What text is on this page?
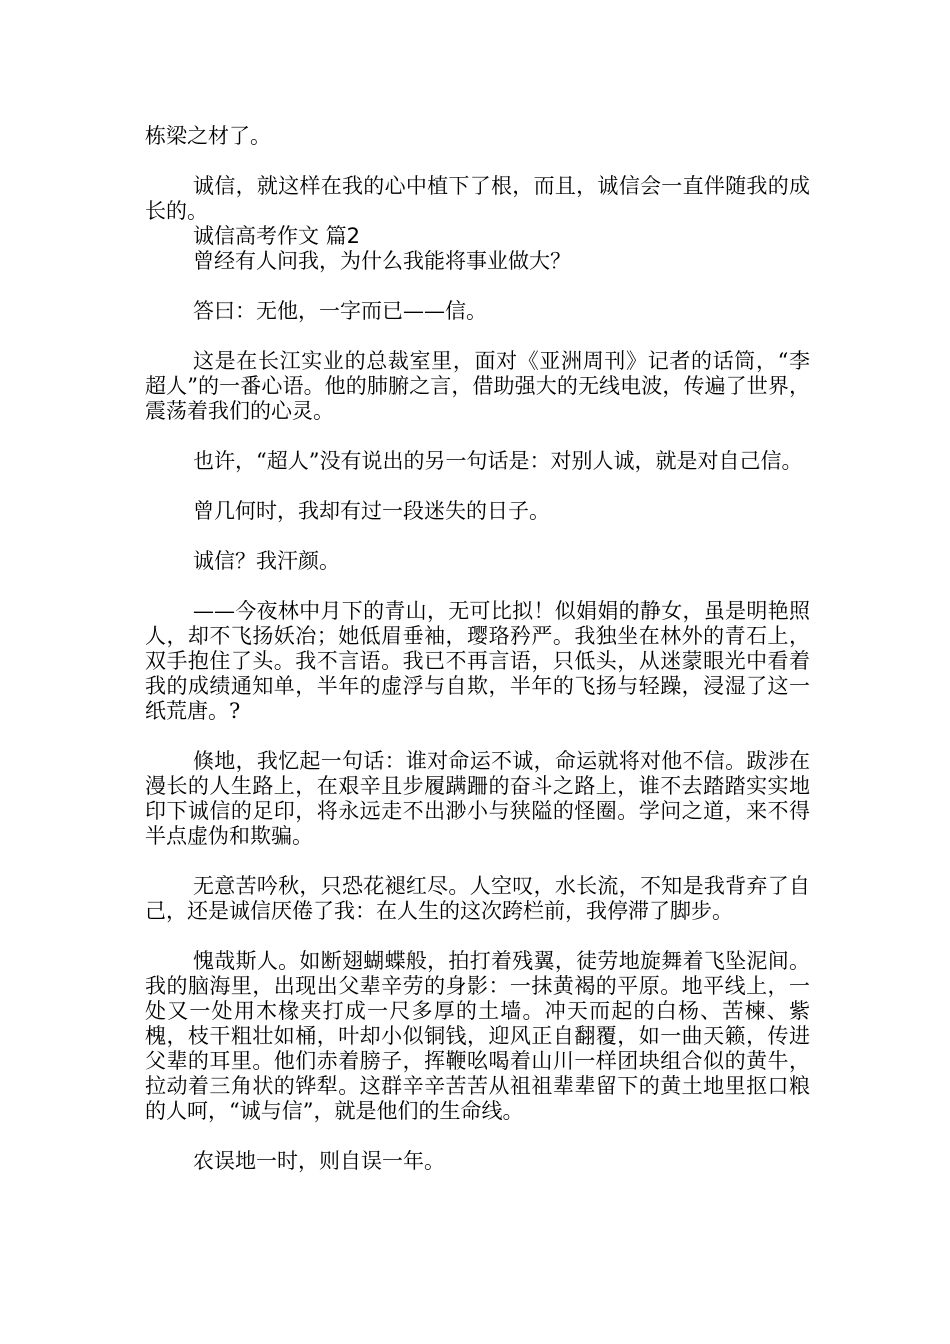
栋梁之材了。

诚信，就这样在我的心中植下了根，而且，诚信会一直伴随我的成长的。

诚信高考作文 篇2

曾经有人问我，为什么我能将事业做大？

答曰：无他，一字而已——信。

这是在长江实业的总裁室里，面对《亚洲周刊》记者的话筒，“李超人”的一番心语。他的肺腑之言，借助强大的无线电波，传遍了世界，震荡着我们的心灵。

也许，“超人”没有说出的另一句话是：对别人诚，就是对自己信。

曾几何时，我却有过一段迷失的日子。

诚信？我汗颜。

——今夜林中月下的青山，无可比拟！似娟娟的静女，虽是明艳照人，却不飞扬妖冶；她低眉垂袖，璎珞矜严。我独坐在林外的青石上，双手抱住了头。我不言语。我已不再言语，只低头，从迷蒙眼光中看着我的成绩通知单，半年的虚浮与自欺，半年的飞扬与轻躁，浸湿了这一纸荒唐。?

倏地，我忆起一句话：谁对命运不诚，命运就将对他不信。跋涉在漫长的人生路上，在艰辛且步履蹒跚的奋斗之路上，谁不去踏踏实实地印下诚信的足印，将永远走不出渺小与狭隘的怪圈。学问之道，来不得半点虚伪和欺骗。

无意苦吟秋，只恐花褪红尽。人空叹，水长流，不知是我背弃了自己，还是诚信厌倦了我：在人生的这次跨栏前，我停滞了脚步。

愧哉斯人。如断翅蝴蝶般，拍打着残翼，徒劳地旋舞着飞坠泥间。我的脑海里，出现出父辈辛劳的身影：一抹黄褐的平原。地平线上，一处又一处用木椽夹打成一尺多厚的土墙。冲天而起的白杨、苦楝、紫槐，枝干粗壮如桶，叶却小似铜钱，迎风正自翻覆，如一曲天籁，传进父辈的耳里。他们赤着膀子，挥鞭吆喝着山川一样团块组合似的黄牛，拉动着三角状的铧犁。这群辛辛苦苦从祖祖辈辈留下的黄土地里抠口粮的人呵，“诚与信”，就是他们的生命线。

农误地一时，则自误一年。
